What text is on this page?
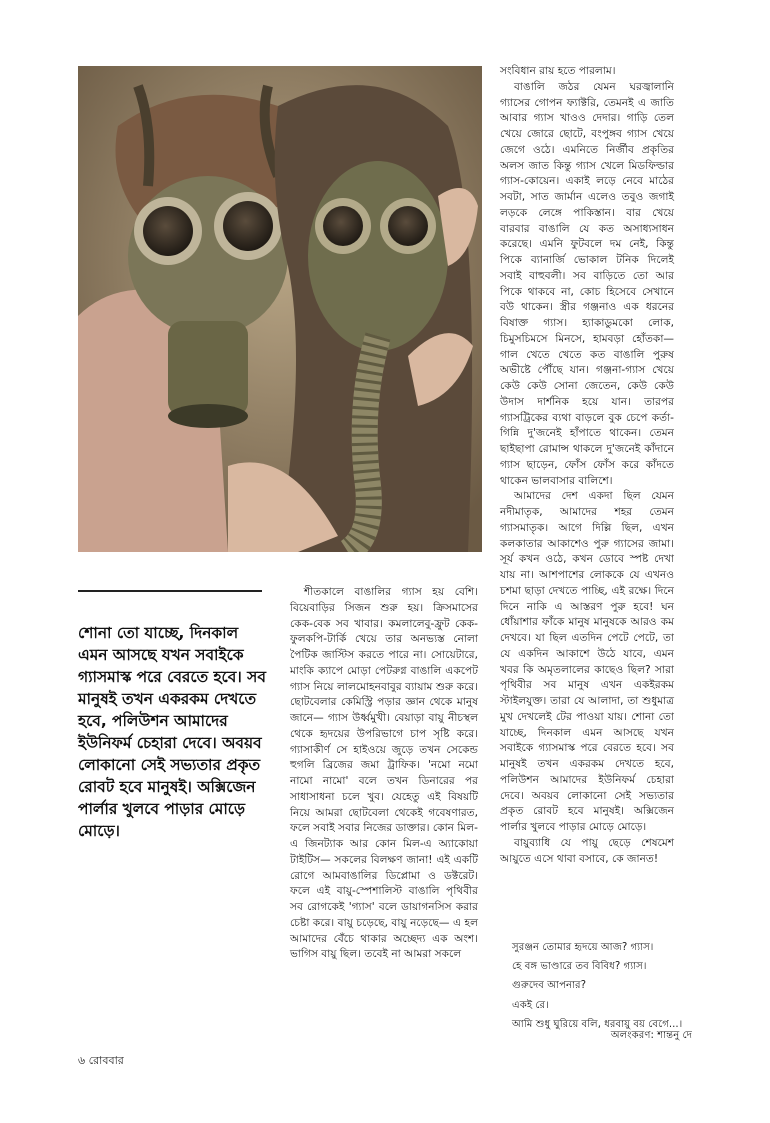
শোনা তো যাচ্ছে, দিনকাল এমন আসছে যখন সবাইকে গ্যাসমাস্ক পরে বেরতে হবে। সব মানুষই তখন একরকম দেখতে হবে, পলিউশন আমাদের ইউনিফর্ম চেহারা দেবে। অবয়ব লোকানো সেই সভ্যতার প্রকৃত রোবট হবে মানুষই। অক্সিজেন পার্লার খুলবে পাড়ার মোড়ে মোড়ে।

শীতকালে বাঙালির গ্যাস হয় বেশি। বিয়েবাড়ির সিজন শুরু হয়। ক্রিসমাসের কেক-বেক সব খাবার। কমলালেবু-ফ্রুট কেক-ফুলকপি-টার্কি খেয়ে তার অনভ্যস্ত নোলা পৈটিক জাস্টিস করতে পারে না। সোয়েটারে, মাংকি ক্যাপে মোড়া পেটরুগ্ন বাঙালি একপেট গ্যাস নিয়ে লালমোহনবাবুর ব্যায়াম শুরু করে। ছোটবেলার কেমিস্ট্রি পড়ার জ্ঞান থেকে মানুষ জানে— গ্যাস উর্ধ্বমুখী। বেয়াড়া বায়ু নীচস্থল থেকে হৃদয়ের উপরিভাগে চাপ সৃষ্টি করে। গ্যাসাকীর্ণ সে হাইওয়ে জুড়ে তখন সেকেন্ড হুগলি ব্রিজের জমা ট্রাফিক। 'নমো নমো নামো নামো' বলে তখন ডিনারের পর সাধাসাধনা চলে খুব। যেহেতু এই বিষয়টি নিয়ে আমরা ছোটবেলা থেকেই গবেষণারত, ফলে সবাই সবার নিজের ডাক্তার। কোন মিল-এ জিনট্যাক আর কোন মিল-এ অ্যাকোয়া টাইটিস— সকলের বিলক্ষণ জানা! এই একটি রোগে আমবাঙালির ডিপ্লোমা ও ডক্টরেট। ফলে এই বায়ু-স্পেশালিস্ট বাঙালি পৃথিবীর সব রোগকেই 'গ্যাস' বলে ডায়াগনসিস করার চেষ্টা করে। বায়ু চড়েছে, বায়ু নড়েছে— এ হল আমাদের বেঁচে থাকার অচ্ছেদ্য এক অংশ। ভাগিস বায়ু ছিল। তবেই না আমরা সকলে

সংবিধান রায় হতে পারলাম।

বাঙালি জঠর যেমন ঘরজ্বালানি গ্যাসের গোপন ফ্যাক্টরি, তেমনই এ জাতি আবার গ্যাস খাওও দেদার। গাড়ি তেল খেয়ে জোরে ছোটে, বংপুঙ্গব গ্যাস খেয়ে জেগে ওঠে। এমনিতে নির্জীব প্রকৃতির অলস জাত কিন্তু গ্যাস খেলে মিডফিল্ডার গ্যাস-কোয়েন। একাই লড়ে নেবে মাঠের সবটা, সাত জার্মান এলেও তবুও জগাই লড়কে লেঙ্গে পাকিস্তান। বার খেয়ে বারবার বাঙালি যে কত অসাধ্যসাধন করেছে। এমনি ফুটবলে দম নেই, কিন্তু পিকে ব্যানার্জি ভোকাল টনিক দিলেই সবাই বাহুবলী। সব বাড়িতে তো আর পিকে থাকবে না, কোচ হিসেবে সেখানে বউ থাকেন। স্ত্রীর গঞ্জনাও এক ধরনের বিষাক্ত গ্যাস। হ্যাকাডুমকো লোক, চিমুসচিমসে মিনসে, হামবড়া হোঁতকা— গাল খেতে খেতে কত বাঙালি পুরুষ অভীষ্টে পৌঁছে যান। গঞ্জনা-গ্যাস খেয়ে কেউ কেউ সোনা জেতেন, কেউ কেউ উদাস দার্শনিক হয়ে যান। তারপর গ্যাসট্রিকের ব্যথা বাড়লে বুক চেপে কর্তা-গিন্নি দু'জনেই হাঁপাতে থাকেন। তেমন ছাইছাপা রোমান্স থাকলে দু'জনেই কাঁদানে গ্যাস ছাড়েন, ফোঁস ফোঁস করে কাঁদতে থাকেন ভালবাসার বালিশে।

আমাদের দেশ একদা ছিল যেমন নদীমাতৃক, আমাদের শহর তেমন গ্যাসমাতৃক। আগে দিল্লি ছিল, এখন কলকাতার আকাশেও পুরু গ্যাসের জামা। সূর্য কখন ওঠে, কখন ডোবে স্পষ্ট দেখা যায় না। আশপাশের লোককে যে এখনও চশমা ছাড়া দেখতে পাচ্ছি, এই রক্ষে। দিনে দিনে নাকি এ আস্তরণ পুরু হবে! ঘন ধোঁয়াশার ফাঁকে মানুষ মানুষকে আরও কম দেখবে। যা ছিল এতদিন পেটে পেটে, তা যে একদিন আকাশে উঠে যাবে, এমন খবর কি অমৃতলালের কাছেও ছিল? সারা পৃথিবীর সব মানুষ এখন একইরকম স্টাইলযুক্ত। তারা যে আলাদা, তা শুধুমাত্র মুখ দেখলেই টের পাওয়া যায়। শোনা তো যাচ্ছে, দিনকাল এমন আসছে যখন সবাইকে গ্যাসমাস্ক পরে বেরতে হবে। সব মানুষই তখন একরকম দেখতে হবে, পলিউশন আমাদের ইউনিফর্ম চেহারা দেবে। অবয়ব লোকানো সেই সভ্যতার প্রকৃত রোবট হবে মানুষই। অক্সিজেন পার্লার খুলবে পাড়ার মোড়ে মোড়ে।

বায়ুব্যাধি যে পায়ু ছেড়ে শেষমেশ আয়ুতে এসে থাবা বসাবে, কে জানত!

সুরঞ্জন তোমার হৃদয়ে আজ? গ্যাস।
হে বঙ্গ ভাণ্ডারে তব বিবিধ? গ্যাস।
গুরুদেব আপনার?
একই রে।
আমি শুধু ঘুরিয়ে বলি, ধরবায়ু বয় বেগে...।
অলংকরণ: শান্তনু দে
৬ রোববার
